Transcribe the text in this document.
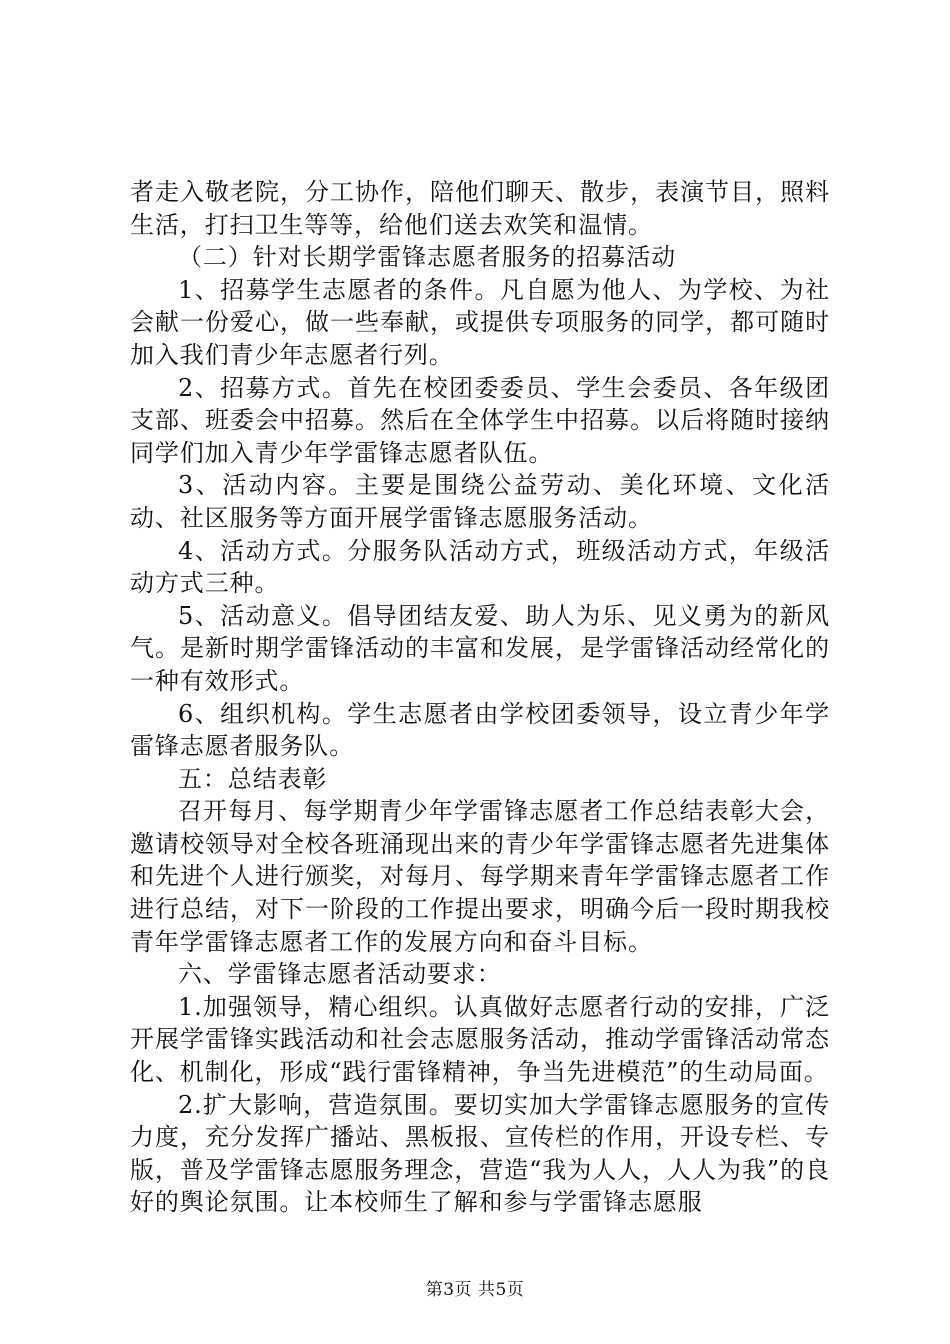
者走入敬老院，分工协作，陪他们聊天、散步，表演节目，照料生活，打扫卫生等等，给他们送去欢笑和温情。

（二）针对长期学雷锋志愿者服务的招募活动

1、招募学生志愿者的条件。凡自愿为他人、为学校、为社会献一份爱心，做一些奉献，或提供专项服务的同学，都可随时加入我们青少年志愿者行列。

2、招募方式。首先在校团委委员、学生会委员、各年级团支部、班委会中招募。然后在全体学生中招募。以后将随时接纳同学们加入青少年学雷锋志愿者队伍。

3、活动内容。主要是围绕公益劳动、美化环境、文化活动、社区服务等方面开展学雷锋志愿服务活动。

4、活动方式。分服务队活动方式，班级活动方式，年级活动方式三种。

5、活动意义。倡导团结友爱、助人为乐、见义勇为的新风气。是新时期学雷锋活动的丰富和发展，是学雷锋活动经常化的一种有效形式。

6、组织机构。学生志愿者由学校团委领导，设立青少年学雷锋志愿者服务队。

五：总结表彰

召开每月、每学期青少年学雷锋志愿者工作总结表彰大会，邀请校领导对全校各班涌现出来的青少年学雷锋志愿者先进集体和先进个人进行颁奖，对每月、每学期来青年学雷锋志愿者工作进行总结，对下一阶段的工作提出要求，明确今后一段时期我校青年学雷锋志愿者工作的发展方向和奋斗目标。

六、学雷锋志愿者活动要求：

1.加强领导，精心组织。认真做好志愿者行动的安排，广泛开展学雷锋实践活动和社会志愿服务活动，推动学雷锋活动常态化、机制化，形成“践行雷锋精神，争当先进模范”的生动局面。

2.扩大影响，营造氛围。要切实加大学雷锋志愿服务的宣传力度，充分发挥广播站、黑板报、宣传栏的作用，开设专栏、专版，普及学雷锋志愿服务理念，营造“我为人人，人人为我”的良好的舆论氛围。让本校师生了解和参与学雷锋志愿服

第3页 共5页
